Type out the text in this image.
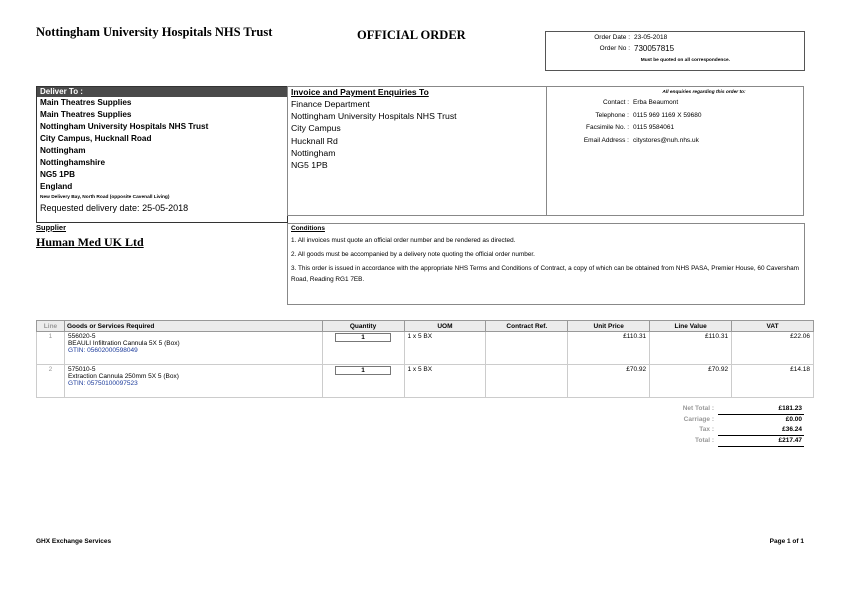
Nottingham University Hospitals NHS Trust	OFFICIAL ORDER	Order Date : 23-05-2018
Order No : 730057815
Must be quoted on all correspondence.
Deliver To :
Main Theatres Supplies
Main Theatres Supplies
Nottingham University Hospitals NHS Trust
City Campus, Hucknall Road
Nottingham
Nottinghamshire
NG5 1PB
England
New Delivery Bay, North Road (opposite Cavenall Living)
Requested delivery date: 25-05-2018
Invoice and Payment Enquiries To
Finance Department
Nottingham University Hospitals NHS Trust
City Campus
Hucknall Rd
Nottingham
NG5 1PB
All enquiries regarding this order to:
Contact : Erba Beaumont
Telephone : 0115 969 1169 X 59680
Facsimile No. : 0115 9584061
Email Address : citystores@nuh.nhs.uk
Supplier
Human Med UK Ltd
Conditions
1. All invoices must quote an official order number and be rendered as directed.
2. All goods must be accompanied by a delivery note quoting the official order number.
3. This order is issued in accordance with the appropriate NHS Terms and Conditions of Contract, a copy of which can be obtained from NHS PASA, Premier House, 60 Caversham Road, Reading RG1 7EB.
Line	Goods or Services Required	Quantity	UOM	Contract Ref.	Unit Price	Line Value	VAT
1	556020-5
BEAULI Infiltration Cannula 5X 5 (Box)
GTIN: 05602000598049	1	1 x 5 BX		£110.31	£110.31	£22.06
2	575010-5
Extraction Cannula 250mm 5X 5 (Box)
GTIN: 05750100097523	1	1 x 5 BX		£70.92	£70.92	£14.18
Net Total :	£181.23
Carriage :	£0.00
Tax :	£36.24
Total :	£217.47
GHX Exchange Services	Page 1 of 1
